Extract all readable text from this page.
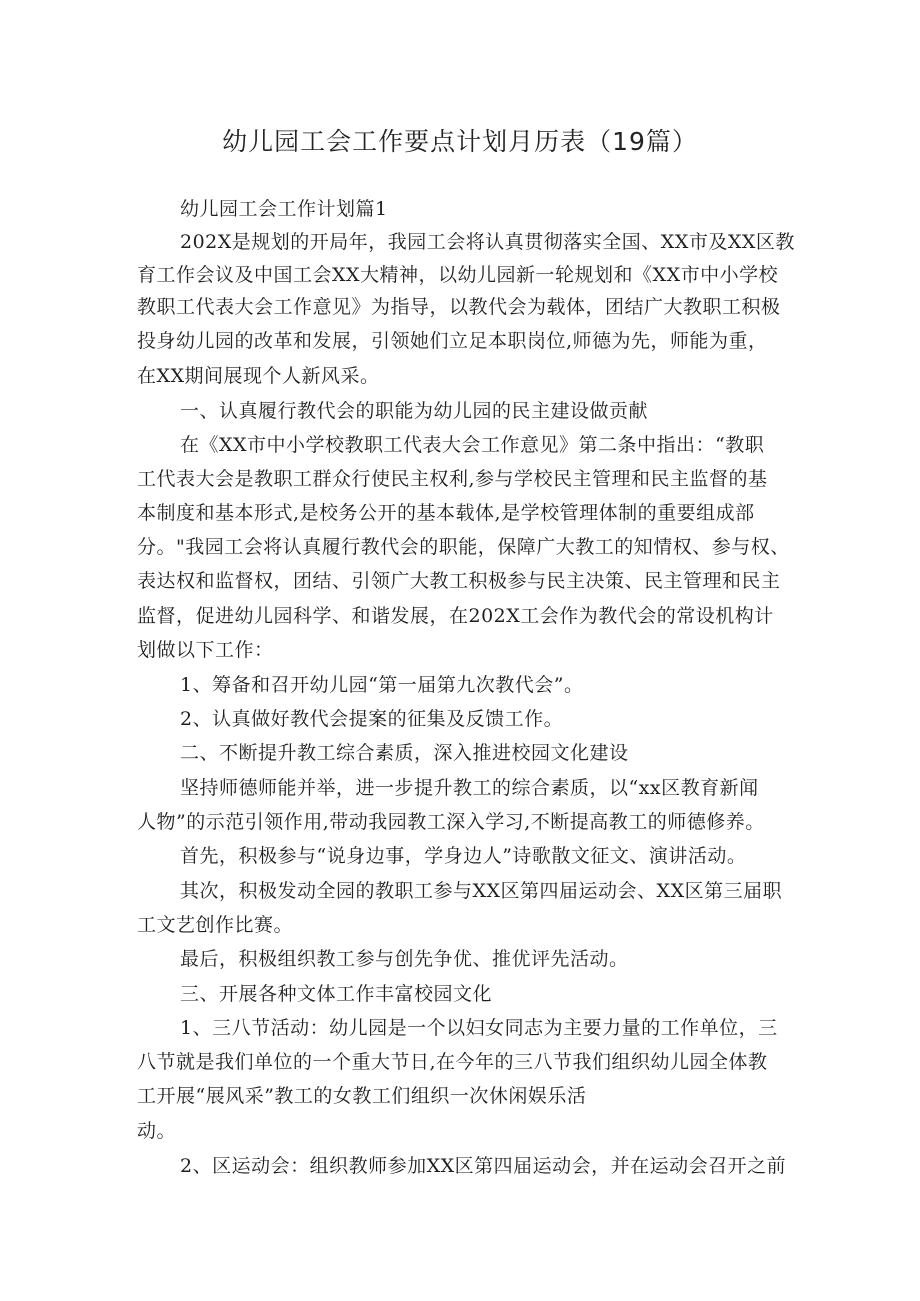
幼儿园工会工作要点计划月历表（19篇）
幼儿园工会工作计划篇1
202X是规划的开局年，我园工会将认真贯彻落实全国、XX市及XX区教
育工作会议及中国工会XX大精神，以幼儿园新一轮规划和《XX市中小学校
教职工代表大会工作意见》为指导，以教代会为载体，团结广大教职工积极
投身幼儿园的改革和发展，引领她们立足本职岗位,师德为先，师能为重，
在XX期间展现个人新风采。
一、认真履行教代会的职能为幼儿园的民主建设做贡献
在《XX市中小学校教职工代表大会工作意见》第二条中指出：“教职
工代表大会是教职工群众行使民主权利,参与学校民主管理和民主监督的基
本制度和基本形式,是校务公开的基本载体,是学校管理体制的重要组成部
分。"我园工会将认真履行教代会的职能，保障广大教工的知情权、参与权、
表达权和监督权，团结、引领广大教工积极参与民主决策、民主管理和民主
监督，促进幼儿园科学、和谐发展，在202X工会作为教代会的常设机构计
划做以下工作：
1、筹备和召开幼儿园“第一届第九次教代会”。
2、认真做好教代会提案的征集及反馈工作。
二、不断提升教工综合素质，深入推进校园文化建设
坚持师德师能并举，进一步提升教工的综合素质，以“xx区教育新闻
人物”的示范引领作用,带动我园教工深入学习,不断提高教工的师德修养。
首先，积极参与“说身边事，学身边人”诗歌散文征文、演讲活动。
其次，积极发动全园的教职工参与XX区第四届运动会、XX区第三届职
工文艺创作比赛。
最后，积极组织教工参与创先争优、推优评先活动。
三、开展各种文体工作丰富校园文化
1、三八节活动：幼儿园是一个以妇女同志为主要力量的工作单位，三
八节就是我们单位的一个重大节日,在今年的三八节我们组织幼儿园全体教
工开展“展风采”教工的女教工们组织一次休闲娱乐活
动。
2、区运动会：组织教师参加XX区第四届运动会，并在运动会召开之前
